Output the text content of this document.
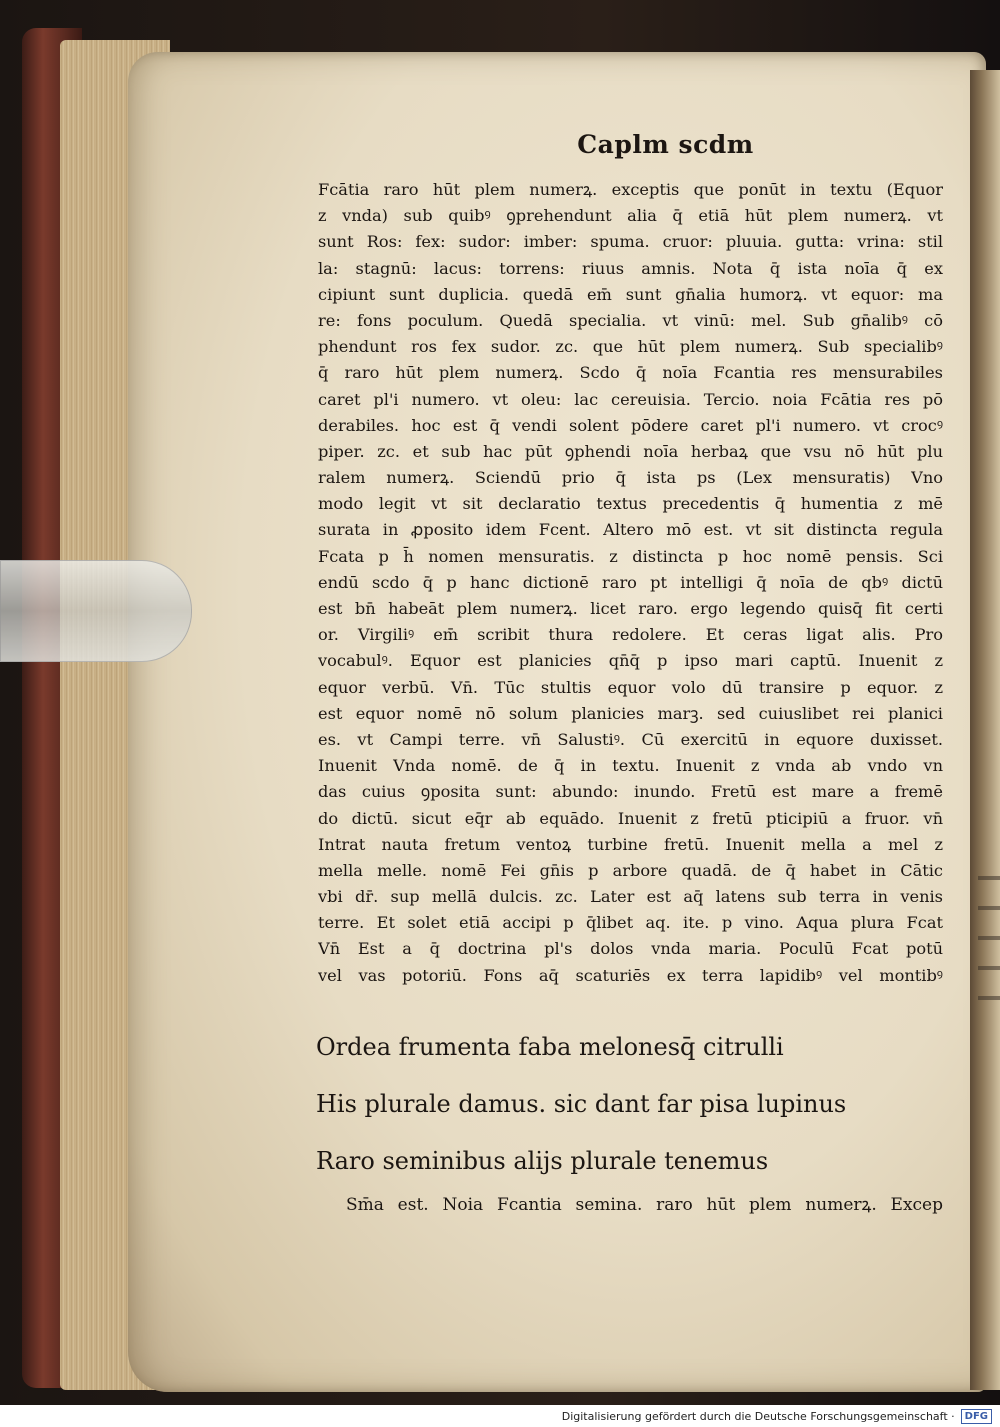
Caplm scdm
Fcātia raro hūt plem numerꝝ. exceptis que ponūt in textu (Equor
z vnda) sub quibꝰ ꝯprehendunt alia q̄ etiā hūt plem numerꝝ. vt
sunt Ros: fex: sudor: imber: spuma. cruor: pluuia. gutta: vrina: stil
la: stagnū: lacus: torrens: riuus amnis. Nota q̄ ista noīa q̄ ex
cipiunt sunt duplicia. quedā em̄ sunt gn̄alia humorꝝ. vt equor: ma
re: fons poculum. Quedā specialia. vt vinū: mel. Sub gn̄alibꝰ cō
phendunt ros fex sudor. zc. que hūt plem numerꝝ. Sub specialibꝰ
q̄ raro hūt plem numerꝝ. Scdo q̄ noīa Fcantia res mensurabiles
caret pl'i numero. vt oleu: lac cereuisia. Tercio. noia Fcātia res pō
derabiles. hoc est q̄ vendi solent pōdere caret pl'i numero. vt crocꝰ
piper. zc. et sub hac pūt ꝯphendi noīa herbaꝝ que vsu nō hūt plu
ralem numerꝝ. Sciendū prio q̄ ista ps (Lex mensuratis) Vno
modo legit vt sit declaratio textus precedentis q̄ humentia z mē
surata in ꝓposito idem Fcent. Altero mō est. vt sit distincta regula
Fcata p h̄ nomen mensuratis. z distincta p hoc nomē pensis. Sci
endū scdo q̄ p hanc dictionē raro pt intelligi q̄ noīa de qbꝰ dictū
est bn̄ habeāt plem numerꝝ. licet raro. ergo legendo quisq̄ fit certi
or. Virgiliꝰ em̄ scribit thura redolere. Et ceras ligat alis. Pro
vocabulꝰ. Equor est planicies qn̄q̄ p ipso mari captū. Inuenit z
equor verbū. Vn̄. Tūc stultis equor volo dū transire p equor. z
est equor nomē nō solum planicies marꝫ. sed cuiuslibet rei planici
es. vt Campi terre. vn̄ Salustiꝰ. Cū exercitū in equore duxisset.
Inuenit Vnda nomē. de q̄ in textu. Inuenit z vnda ab vndo vn
das cuius ꝯposita sunt: abundo: inundo. Fretū est mare a fremē
do dictū. sicut eq̄r ab equādo. Inuenit z fretū pticipiū a fruor. vn̄
Intrat nauta fretum ventoꝝ turbine fretū. Inuenit mella a mel z
mella melle. nomē Fei gn̄is p arbore quadā. de q̄ habet in Cātic
vbi dr̄. sup mellā dulcis. zc. Later est aq̄ latens sub terra in venis
terre. Et solet etiā accipi p q̄libet aq. ite. p vino. Aqua plura Fcat
Vn̄ Est a q̄ doctrina pl's dolos vnda maria. Poculū Fcat potū
vel vas potoriū. Fons aq̄ scaturiēs ex terra lapidibꝰ vel montibꝰ
Ordea frumenta faba melonesq̄ citrulli
His plurale damus. sic dant far pisa lupinus
Raro seminibus alijs plurale tenemus
Sm̄a est. Noia Fcantia semina. raro hūt plem numerꝝ. Excep
Digitalisierung gefördert durch die Deutsche Forschungsgemeinschaft ·	DFG
